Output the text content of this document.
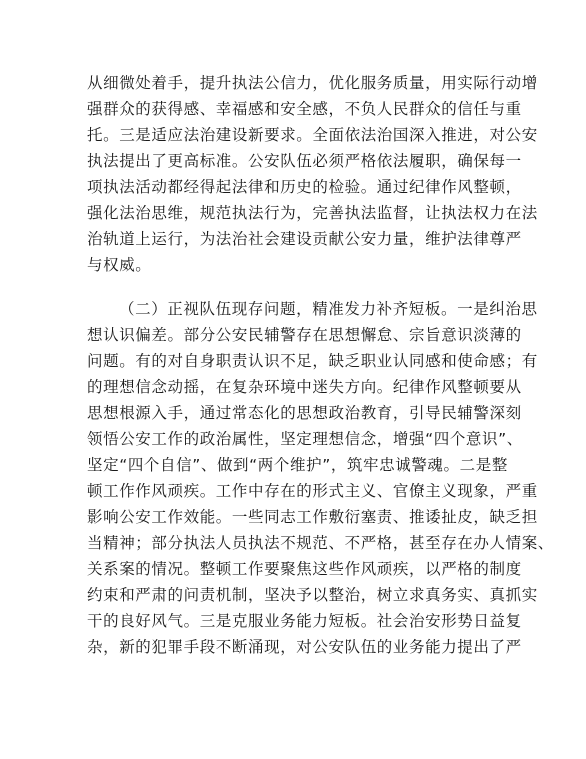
从细微处着手，提升执法公信力，优化服务质量，用实际行动增
强群众的获得感、幸福感和安全感，不负人民群众的信任与重
托。三是适应法治建设新要求。全面依法治国深入推进，对公安
执法提出了更高标准。公安队伍必须严格依法履职，确保每一
项执法活动都经得起法律和历史的检验。通过纪律作风整顿，
强化法治思维，规范执法行为，完善执法监督，让执法权力在法
治轨道上运行，为法治社会建设贡献公安力量，维护法律尊严
与权威。
（二）正视队伍现存问题，精准发力补齐短板。一是纠治思
想认识偏差。部分公安民辅警存在思想懈怠、宗旨意识淡薄的
问题。有的对自身职责认识不足，缺乏职业认同感和使命感；有
的理想信念动摇，在复杂环境中迷失方向。纪律作风整顿要从
思想根源入手，通过常态化的思想政治教育，引导民辅警深刻
领悟公安工作的政治属性，坚定理想信念，增强“四个意识”、
坚定“四个自信”、做到“两个维护”，筑牢忠诚警魂。二是整
顿工作作风顽疾。工作中存在的形式主义、官僚主义现象，严重
影响公安工作效能。一些同志工作敷衍塞责、推诿扯皮，缺乏担
当精神；部分执法人员执法不规范、不严格，甚至存在办人情案、
关系案的情况。整顿工作要聚焦这些作风顽疾，以严格的制度
约束和严肃的问责机制，坚决予以整治，树立求真务实、真抓实
干的良好风气。三是克服业务能力短板。社会治安形势日益复
杂，新的犯罪手段不断涌现，对公安队伍的业务能力提出了严
